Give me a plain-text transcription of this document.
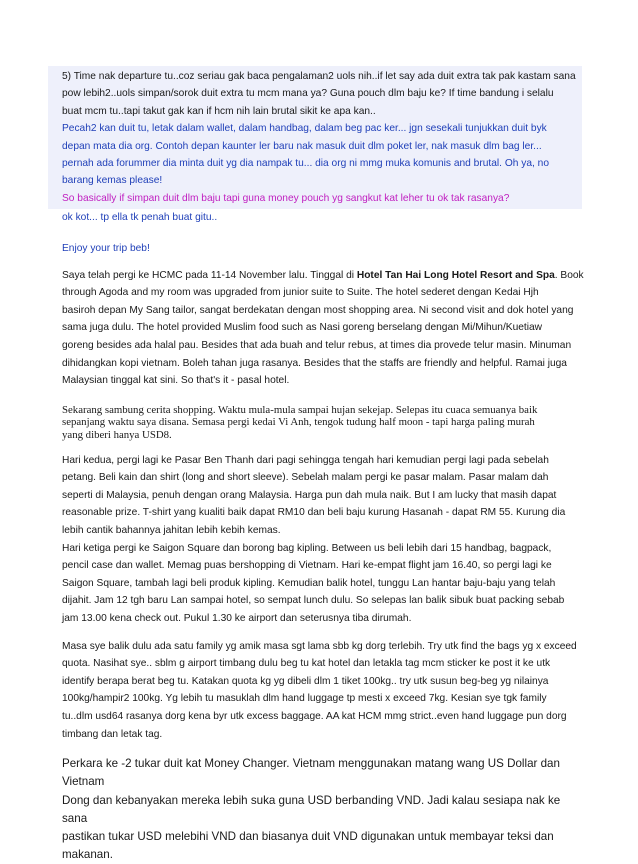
5) Time nak departure tu..coz seriau gak baca pengalaman2 uols nih..if let say ada duit extra tak pak kastam sana
pow lebih2..uols simpan/sorok duit extra tu mcm mana ya? Guna pouch dlm baju ke? If time bandung i selalu
buat mcm tu..tapi takut gak kan if hcm nih lain brutal sikit ke apa kan..
Pecah2 kan duit tu, letak dalam wallet, dalam handbag, dalam beg pac ker... jgn sesekali tunjukkan duit byk
depan mata dia org. Contoh depan kaunter ler baru nak masuk duit dlm poket ler, nak masuk dlm bag ler...
pernah ada forummer dia minta duit yg dia nampak tu... dia org ni mmg muka komunis and brutal. Oh ya, no
barang kemas please!
So basically if simpan duit dlm baju tapi guna money pouch yg sangkut kat leher tu ok tak rasanya?
ok kot... tp ella tk penah buat gitu..
Enjoy your trip beb!
Saya telah pergi ke HCMC pada 11-14 November lalu. Tinggal di Hotel Tan Hai Long Hotel Resort and Spa. Book
through Agoda and my room was upgraded from junior suite to Suite. The hotel sederet dengan Kedai Hjh
basiroh depan My Sang tailor, sangat berdekatan dengan most shopping area. Ni second visit and dok hotel yang
sama juga dulu. The hotel provided Muslim food such as Nasi goreng berselang dengan Mi/Mihun/Kuetiaw
goreng besides ada halal pau. Besides that ada buah and telur rebus, at times dia provede telur masin. Minuman
dihidangkan kopi vietnam. Boleh tahan juga rasanya. Besides that the staffs are friendly and helpful. Ramai juga
Malaysian tinggal kat sini. So that's it - pasal hotel.
Sekarang sambung cerita shopping. Waktu mula-mula sampai hujan sekejap. Selepas itu cuaca semuanya baik
sepanjang waktu saya disana. Semasa pergi kedai Vi Anh, tengok tudung half moon - tapi harga paling murah
yang diberi hanya USD8.
Hari kedua, pergi lagi ke Pasar Ben Thanh dari pagi sehingga tengah hari kemudian pergi lagi pada sebelah
petang. Beli kain dan shirt (long and short sleeve). Sebelah malam pergi ke pasar malam. Pasar malam dah
seperti di Malaysia, penuh dengan orang Malaysia. Harga pun dah mula naik. But I am lucky that masih dapat
reasonable prize. T-shirt yang kualiti baik dapat RM10 dan beli baju kurung Hasanah - dapat RM 55. Kurung dia
lebih cantik bahannya jahitan lebih kebih kemas.
Hari ketiga pergi ke Saigon Square dan borong bag kipling. Between us beli lebih dari 15 handbag, bagpack,
pencil case dan wallet. Memag puas bershopping di Vietnam. Hari ke-empat flight jam 16.40, so pergi lagi ke
Saigon Square, tambah lagi beli produk kipling. Kemudian balik hotel, tunggu Lan hantar baju-baju yang telah
dijahit. Jam 12 tgh baru Lan sampai hotel, so sempat lunch dulu. So selepas lan balik sibuk buat packing sebab
jam 13.00 kena check out. Pukul 1.30 ke airport dan seterusnya tiba dirumah.
Masa sye balik dulu ada satu family yg amik masa sgt lama sbb kg dorg terlebih. Try utk find the bags yg x exceed
quota. Nasihat sye.. sblm g airport timbang dulu beg tu kat hotel dan letakla tag mcm sticker ke post it ke utk
identify berapa berat beg tu. Katakan quota kg yg dibeli dlm 1 tiket 100kg.. try utk susun beg-beg yg nilainya
100kg/hampir2 100kg. Yg lebih tu masuklah dlm hand luggage tp mesti x exceed 7kg. Kesian sye tgk family
tu..dlm usd64 rasanya dorg kena byr utk excess baggage. AA kat HCM mmg strict..even hand luggage pun dorg
timbang dan letak tag.
Perkara ke -2 tukar duit kat Money Changer. Vietnam menggunakan matang wang US Dollar dan Vietnam
Dong dan kebanyakan mereka lebih suka guna USD berbanding VND. Jadi kalau sesiapa nak ke sana
pastikan tukar USD melebihi VND dan biasanya duit VND digunakan untuk membayar teksi dan makanan.
